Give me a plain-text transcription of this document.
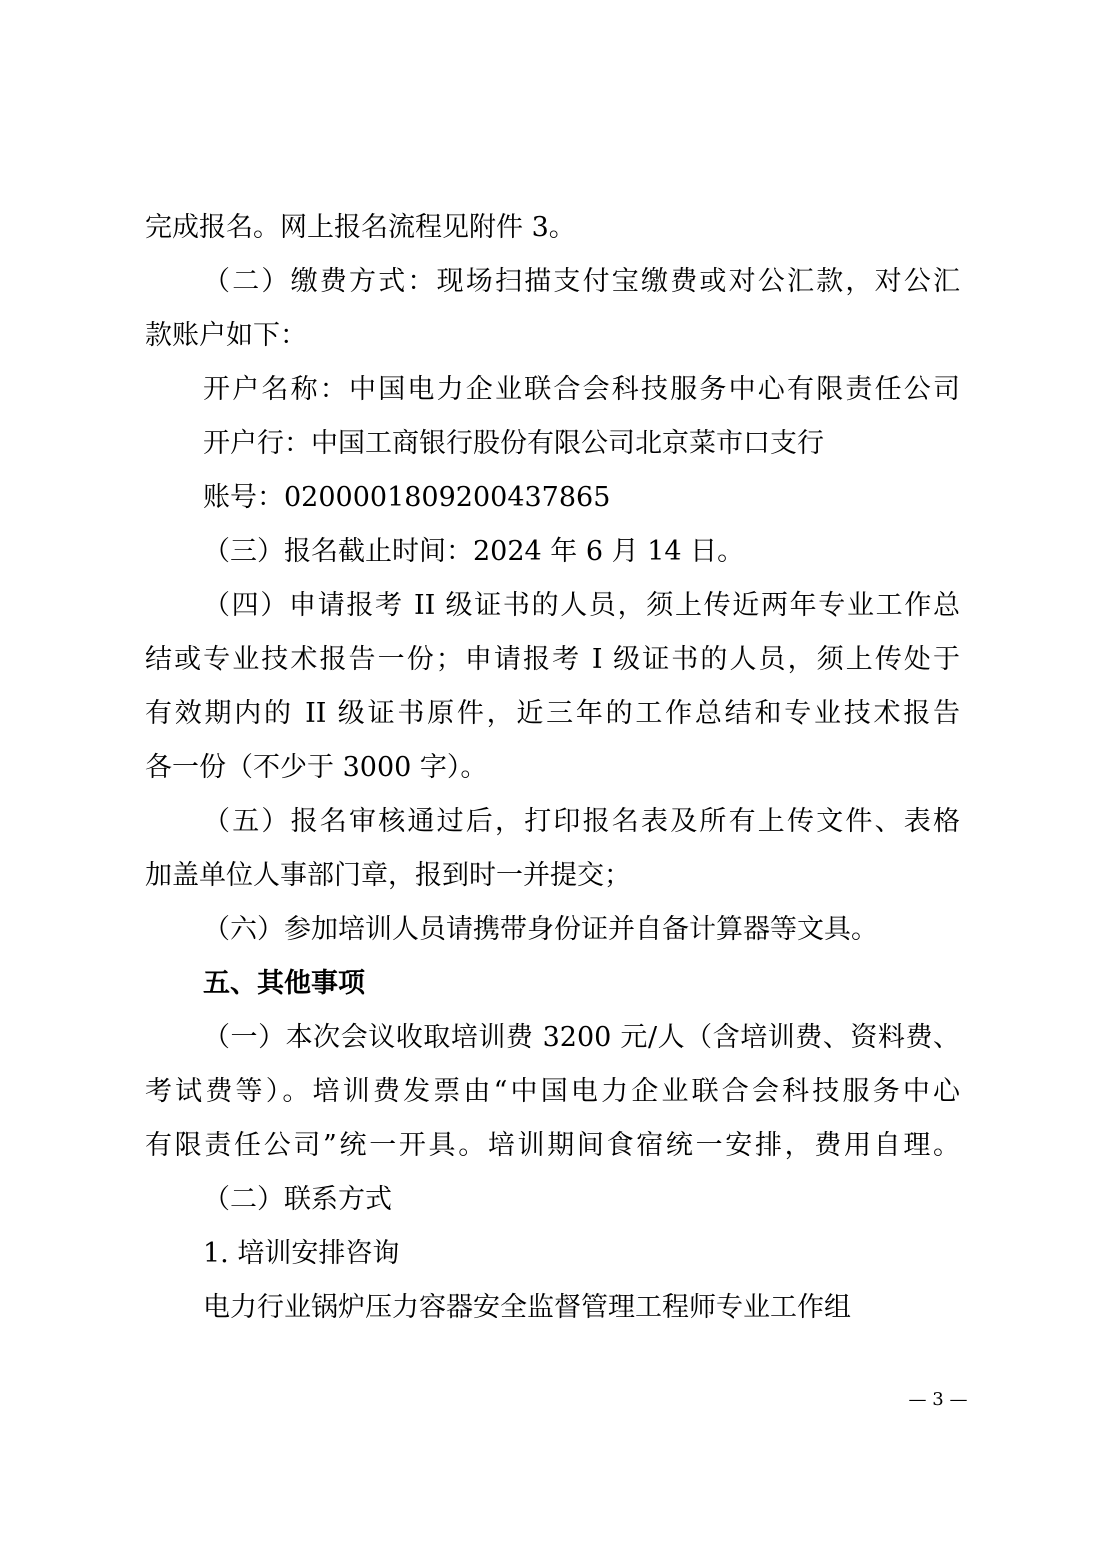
完成报名。网上报名流程见附件 3。
（二）缴费方式：现场扫描支付宝缴费或对公汇款，对公汇
款账户如下：
开户名称：中国电力企业联合会科技服务中心有限责任公司
开户行：中国工商银行股份有限公司北京菜市口支行
账号：0200001809200437865
（三）报名截止时间：2024 年 6 月 14 日。
（四）申请报考 II 级证书的人员，须上传近两年专业工作总
结或专业技术报告一份；申请报考 I 级证书的人员，须上传处于
有效期内的 II 级证书原件，近三年的工作总结和专业技术报告
各一份（不少于 3000 字）。
（五）报名审核通过后，打印报名表及所有上传文件、表格
加盖单位人事部门章，报到时一并提交；
（六）参加培训人员请携带身份证并自备计算器等文具。
五、其他事项
（一）本次会议收取培训费 3200 元/人（含培训费、资料费、
考试费等）。培训费发票由“中国电力企业联合会科技服务中心
有限责任公司”统一开具。培训期间食宿统一安排，费用自理。
（二）联系方式
1. 培训安排咨询
电力行业锅炉压力容器安全监督管理工程师专业工作组
— 3 —
